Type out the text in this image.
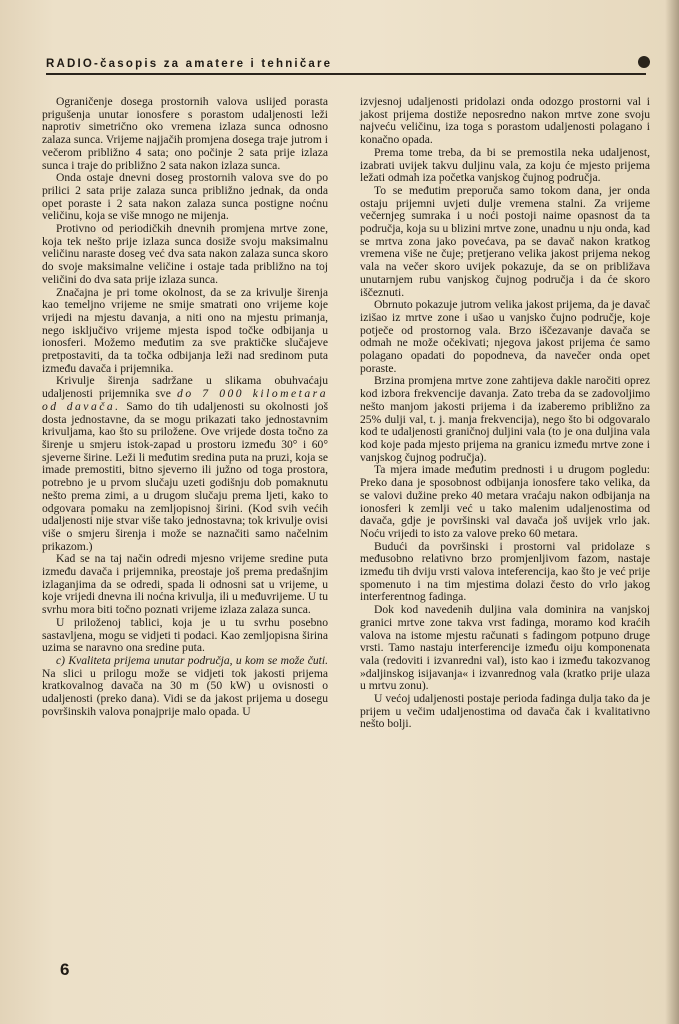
RADIO-časopis za amatere i tehničare

Ograničenje dosega prostornih valova uslijed porasta prigušenja unutar ionosfere s porastom udaljenosti leži naprotiv simetrično oko vremena izlaza sunca odnosno zalaza sunca. Vrijeme najjačih promjena dosega traje jutrom i večerom približno 4 sata; ono počinje 2 sata prije izlaza sunca i traje do približno 2 sata nakon izlaza sunca.

Onda ostaje dnevni doseg prostornih valova sve do po prilici 2 sata prije zalaza sunca približno jednak, da onda opet poraste i 2 sata nakon zalaza sunca postigne noćnu veličinu, koja se više mnogo ne mijenja.

Protivno od periodičkih dnevnih promjena mrtve zone, koja tek nešto prije izlaza sunca dosiže svoju maksimalnu veličinu naraste doseg već dva sata nakon zalaza sunca skoro do svoje maksimalne veličine i ostaje tada približno na toj veličini do dva sata prije izlaza sunca.

Značajna je pri tome okolnost, da se za krivulje širenja kao temeljno vrijeme ne smije smatrati ono vrijeme koje vrijedi na mjestu davanja, a niti ono na mjestu primanja, nego isključivo vrijeme mjesta ispod točke odbijanja u ionosferi. Možemo međutim za sve praktičke slučajeve pretpostaviti, da ta točka odbijanja leži nad sredinom puta između davača i prijemnika.

Krivulje širenja sadržane u slikama obuhvaćaju udaljenosti prijemnika sve do 7 000 kilometara od davača. Samo do tih udaljenosti su okolnosti još dosta jednostavne, da se mogu prikazati tako jednostavnim krivuljama, kao što su priložene. Ove vrijede dosta točno za širenje u smjeru istok-zapad u prostoru između 30° i 60° sjeverne širine. Leži li međutim sredina puta na pruzi, koja se imade premostiti, bitno sjeverno ili južno od toga prostora, potrebno je u prvom slučaju uzeti godišnju dob pomaknutu nešto prema zimi, a u drugom slučaju prema ljeti, kako to odgovara pomaku na zemljopisnoj širini. (Kod svih većih udaljenosti nije stvar više tako jednostavna; tok krivulje ovisi više o smjeru širenja i može se naznačiti samo načelnim prikazom.)

Kad se na taj način odredi mjesno vrijeme sredine puta između davača i prijemnika, preostaje još prema predašnjim izlaganjima da se odredi, spada li odnosni sat u vrijeme, u koje vrijedi dnevna ili noćna krivulja, ili u međuvrijeme. U tu svrhu mora biti točno poznati vrijeme izlaza zalaza sunca.

U priloženoj tablici, koja je u tu svrhu posebno sastavljena, mogu se vidjeti ti podaci. Kao zemljopisna širina uzima se naravno ona sredine puta.

c) Kvaliteta prijema unutar područja, u kom se može čuti. Na slici u prilogu može se vidjeti tok jakosti prijema kratkovalnog davača na 30 m (50 kW) u ovisnosti o udaljenosti (preko dana). Vidi se da jakost prijema u dosegu površinskih valova ponajprije malo opada. U

izvjesnoj udaljenosti pridolazi onda odozgo prostorni val i jakost prijema dostiže neposredno nakon mrtve zone svoju najveću veličinu, iza toga s porastom udaljenosti polagano i konačno opada.

Prema tome treba, da bi se premostila neka udaljenost, izabrati uvijek takvu duljinu vala, za koju će mjesto prijema ležati odmah iza početka vanjskog čujnog područja.

To se međutim preporuča samo tokom dana, jer onda ostaju prijemni uvjeti dulje vremena stalni. Za vrijeme večernjeg sumraka i u noći postoji naime opasnost da ta područja, koja su u blizini mrtve zone, unadnu u nju onda, kad se mrtva zona jako povećava, pa se davač nakon kratkog vremena više ne čuje; pretjerano velika jakost prijema nekog vala na večer skoro uvijek pokazuje, da se on približava unutarnjem rubu vanjskog čujnog područja i da će skoro iščeznuti.

Obrnuto pokazuje jutrom velika jakost prijema, da je davač izišao iz mrtve zone i ušao u vanjsko čujno područje, koje potječe od prostornog vala. Brzo iščezavanje davača se odmah ne može očekivati; njegova jakost prijema će samo polagano opadati do popodneva, da navečer onda opet poraste.

Brzina promjena mrtve zone zahtijeva dakle naročiti oprez kod izbora frekvencije davanja. Zato treba da se zadovoljimo nešto manjom jakosti prijema i da izaberemo približno za 25% dulji val, t. j. manja frekvencija), nego što bi odgovaralo kod te udaljenosti graničnoj duljini vala (to je ona duljina vala kod koje pada mjesto prijema na granicu između mrtve zone i vanjskog čujnog područja).

Ta mjera imade međutim prednosti i u drugom pogledu: Preko dana je sposobnost odbijanja ionosfere tako velika, da se valovi dužine preko 40 metara vraćaju nakon odbijanja na ionosferi k zemlji već u tako malenim udaljenostima od davača, gdje je površinski val davača još uvijek vrlo jak. Noću vrijedi to isto za valove preko 60 metara.

Budući da površinski i prostorni val pridolaze s međusobno relativno brzo promjenljivom fazom, nastaje između tih dviju vrsti valova inteferencija, kao što je već prije spomenuto i na tim mjestima dolazi često do vrlo jakog interferentnog fadinga.

Dok kod navedenih duljina vala dominira na vanjskoj granici mrtve zone takva vrst fadinga, moramo kod kraćih valova na istome mjestu računati s fadingom potpuno druge vrsti. Tamo nastaju interferencije između oiju komponenata vala (redoviti i izvanredni val), isto kao i između takozvanog »daljinskog isijavanja« i izvanrednog vala (kratko prije ulaza u mrtvu zonu).

U većoj udaljenosti postaje perioda fadinga dulja tako da je prijem u večim udaljenostima od davača čak i kvalitativno nešto bolji.

6
